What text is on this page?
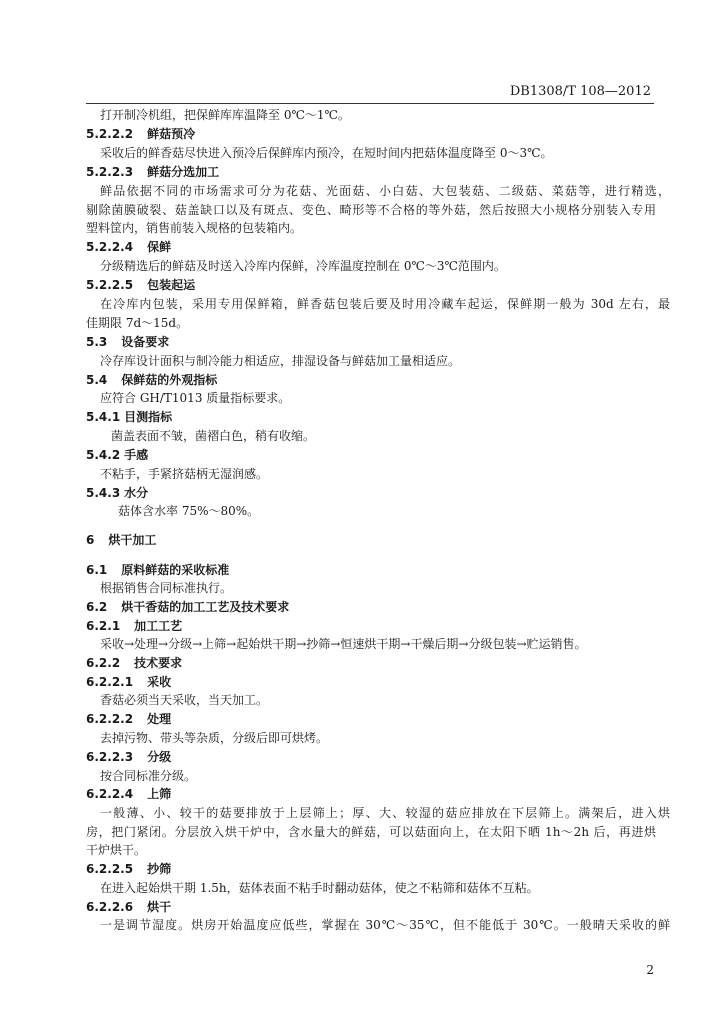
DB1308/T 108—2012
打开制冷机组，把保鲜库库温降至 0℃～1℃。
5.2.2.2 鲜菇预冷
采收后的鲜香菇尽快进入预冷后保鲜库内预冷，在短时间内把菇体温度降至 0～3℃。
5.2.2.3 鲜菇分选加工
鲜品依据不同的市场需求可分为花菇、光面菇、小白菇、大包装菇、二级菇、菜菇等，进行精选，
剔除菌膜破裂、菇盖缺口以及有斑点、变色、畸形等不合格的等外菇，然后按照大小规格分别装入专用
塑料筐内，销售前装入规格的包装箱内。
5.2.2.4 保鲜
分级精选后的鲜菇及时送入冷库内保鲜，冷库温度控制在 0℃～3℃范围内。
5.2.2.5 包装起运
在冷库内包装，采用专用保鲜箱，鲜香菇包装后要及时用冷藏车起运，保鲜期一般为 30d 左右，最
佳期限 7d～15d。
5.3 设备要求
冷存库设计面积与制冷能力相适应，排湿设备与鲜菇加工量相适应。
5.4 保鲜菇的外观指标
应符合 GH/T1013 质量指标要求。
5.4.1 目测指标
菌盖表面不皱，菌褶白色，稍有收缩。
5.4.2 手感
不粘手，手紧挤菇柄无湿润感。
5.4.3 水分
菇体含水率 75%～80%。
6 烘干加工
6.1 原料鲜菇的采收标准
根据销售合同标准执行。
6.2 烘干香菇的加工工艺及技术要求
6.2.1 加工工艺
采收→处理→分级→上筛→起始烘干期→抄筛→恒速烘干期→干燥后期→分级包装→贮运销售。
6.2.2 技术要求
6.2.2.1 采收
香菇必须当天采收，当天加工。
6.2.2.2 处理
去掉污物、带头等杂质，分级后即可烘烤。
6.2.2.3 分级
按合同标准分级。
6.2.2.4 上筛
一般薄、小、较干的菇要排放于上层筛上；厚、大、较湿的菇应排放在下层筛上。满架后，进入烘
房，把门紧闭。分层放入烘干炉中，含水量大的鲜菇，可以菇面向上，在太阳下晒 1h～2h 后，再进烘
干炉烘干。
6.2.2.5 抄筛
在进入起始烘干期 1.5h，菇体表面不粘手时翻动菇体，使之不粘筛和菇体不互粘。
6.2.2.6 烘干
一是调节湿度。烘房开始温度应低些，掌握在 30℃～35℃，但不能低于 30℃。一般晴天采收的鲜
2
